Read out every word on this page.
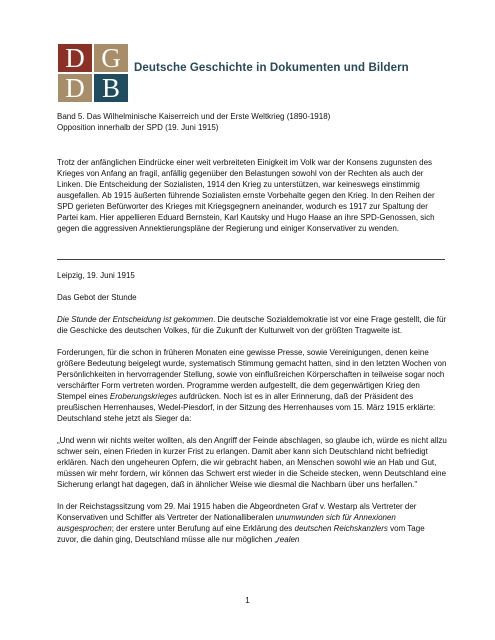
D G
D B
Deutsche Geschichte in Dokumenten und Bildern

Band 5. Das Wilhelminische Kaiserreich und der Erste Weltkrieg (1890-1918)

Opposition innerhalb der SPD (19. Juni 1915)

Trotz der anfänglichen Eindrücke einer weit verbreiteten Einigkeit im Volk war der Konsens zugunsten des Krieges von Anfang an fragil, anfällig gegenüber den Belastungen sowohl von der Rechten als auch der Linken. Die Entscheidung der Sozialisten, 1914 den Krieg zu unterstützen, war keineswegs einstimmig ausgefallen. Ab 1915 äußerten führende Sozialisten ernste Vorbehalte gegen den Krieg. In den Reihen der SPD gerieten Befürworter des Krieges mit Kriegsgegnern aneinander, wodurch es 1917 zur Spaltung der Partei kam. Hier appellieren Eduard Bernstein, Karl Kautsky und Hugo Haase an ihre SPD-Genossen, sich gegen die aggressiven Annektierungspläne der Regierung und einiger Konservativer zu wenden.

Leipzig, 19. Juni 1915

Das Gebot der Stunde

Die Stunde der Entscheidung ist gekommen. Die deutsche Sozialdemokratie ist vor eine Frage gestellt, die für die Geschicke des deutschen Volkes, für die Zukunft der Kulturwelt von der größten Tragweite ist.

Forderungen, für die schon in früheren Monaten eine gewisse Presse, sowie Vereinigungen, denen keine größere Bedeutung beigelegt wurde, systematisch Stimmung gemacht hatten, sind in den letzten Wochen von Persönlichkeiten in hervorragender Stellung, sowie von einflußreichen Körperschaften in teilweise sogar noch verschärfter Form vertreten worden. Programme werden aufgestellt, die dem gegenwärtigen Krieg den Stempel eines Eroberungskrieges aufdrücken. Noch ist es in aller Erinnerung, daß der Präsident des preußischen Herrenhauses, Wedel-Piesdorf, in der Sitzung des Herrenhauses vom 15. März 1915 erklärte: Deutschland stehe jetzt als Sieger da:

„Und wenn wir nichts weiter wollten, als den Angriff der Feinde abschlagen, so glaube ich, würde es nicht allzu schwer sein, einen Frieden in kurzer Frist zu erlangen. Damit aber kann sich Deutschland nicht befriedigt erklären. Nach den ungeheuren Opfern, die wir gebracht haben, an Menschen sowohl wie an Hab und Gut, müssen wir mehr fordern, wir können das Schwert erst wieder in die Scheide stecken, wenn Deutschland eine Sicherung erlangt hat dagegen, daß in ähnlicher Weise wie diesmal die Nachbarn über uns herfallen."

In der Reichstagssitzung vom 29. Mai 1915 haben die Abgeordneten Graf v. Westarp als Vertreter der Konservativen und Schiffer als Vertreter der Nationalliberalen unumwunden sich für Annexionen ausgesprochen; der erstere unter Berufung auf eine Erklärung des deutschen Reichskanzlers vom Tage zuvor, die dahin ging, Deutschland müsse alle nur möglichen „realen

1
